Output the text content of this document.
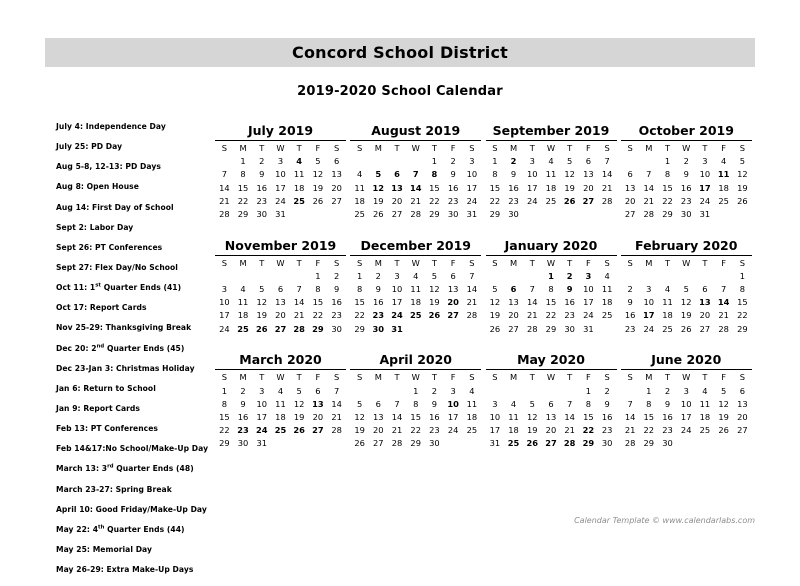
Concord School District
2019-2020 School Calendar
July 4: Independence Day
July 25: PD Day
Aug 5-8, 12-13: PD Days
Aug 8: Open House
Aug 14: First Day of School
Sept 2: Labor Day
Sept 26: PT Conferences
Sept 27: Flex Day/No School
Oct 11: 1st Quarter Ends (41)
Oct 17: Report Cards
Nov 25-29: Thanksgiving Break
Dec 20: 2nd Quarter Ends (45)
Dec 23-Jan 3: Christmas Holiday
Jan 6: Return to School
Jan 9: Report Cards
Feb 13: PT Conferences
Feb 14&17:No School/Make-Up Day
March 13: 3rd Quarter Ends (48)
March 23-27: Spring Break
April 10: Good Friday/Make-Up Day
May 22: 4th Quarter Ends (44)
May 25: Memorial Day
May 26-29: Extra Make-Up Days
July 2019
S	M	T	W	T	F	S
	1	2	3	4	5	6
7	8	9	10	11	12	13
14	15	16	17	18	19	20
21	22	23	24	25	26	27
28	29	30	31			
August 2019
S	M	T	W	T	F	S
				1	2	3
4	5	6	7	8	9	10
11	12	13	14	15	16	17
18	19	20	21	22	23	24
25	26	27	28	29	30	31
September 2019
S	M	T	W	T	F	S
1	2	3	4	5	6	7
8	9	10	11	12	13	14
15	16	17	18	19	20	21
22	23	24	25	26	27	28
29	30					
October 2019
S	M	T	W	T	F	S
		1	2	3	4	5
6	7	8	9	10	11	12
13	14	15	16	17	18	19
20	21	22	23	24	25	26
27	28	29	30	31		
November 2019
S	M	T	W	T	F	S
					1	2
3	4	5	6	7	8	9
10	11	12	13	14	15	16
17	18	19	20	21	22	23
24	25	26	27	28	29	30
December 2019
S	M	T	W	T	F	S
1	2	3	4	5	6	7
8	9	10	11	12	13	14
15	16	17	18	19	20	21
22	23	24	25	26	27	28
29	30	31				
January 2020
S	M	T	W	T	F	S
			1	2	3	4
5	6	7	8	9	10	11
12	13	14	15	16	17	18
19	20	21	22	23	24	25
26	27	28	29	30	31	
February 2020
S	M	T	W	T	F	S
						1
2	3	4	5	6	7	8
9	10	11	12	13	14	15
16	17	18	19	20	21	22
23	24	25	26	27	28	29
March 2020
S	M	T	W	T	F	S
1	2	3	4	5	6	7
8	9	10	11	12	13	14
15	16	17	18	19	20	21
22	23	24	25	26	27	28
29	30	31				
April 2020
S	M	T	W	T	F	S
			1	2	3	4
5	6	7	8	9	10	11
12	13	14	15	16	17	18
19	20	21	22	23	24	25
26	27	28	29	30		
May 2020
S	M	T	W	T	F	S
					1	2
3	4	5	6	7	8	9
10	11	12	13	14	15	16
17	18	19	20	21	22	23
31	25	26	27	28	29	30
June 2020
S	M	T	W	T	F	S
	1	2	3	4	5	6
7	8	9	10	11	12	13
14	15	16	17	18	19	20
21	22	23	24	25	26	27
28	29	30				
Calendar Template © www.calendarlabs.com
